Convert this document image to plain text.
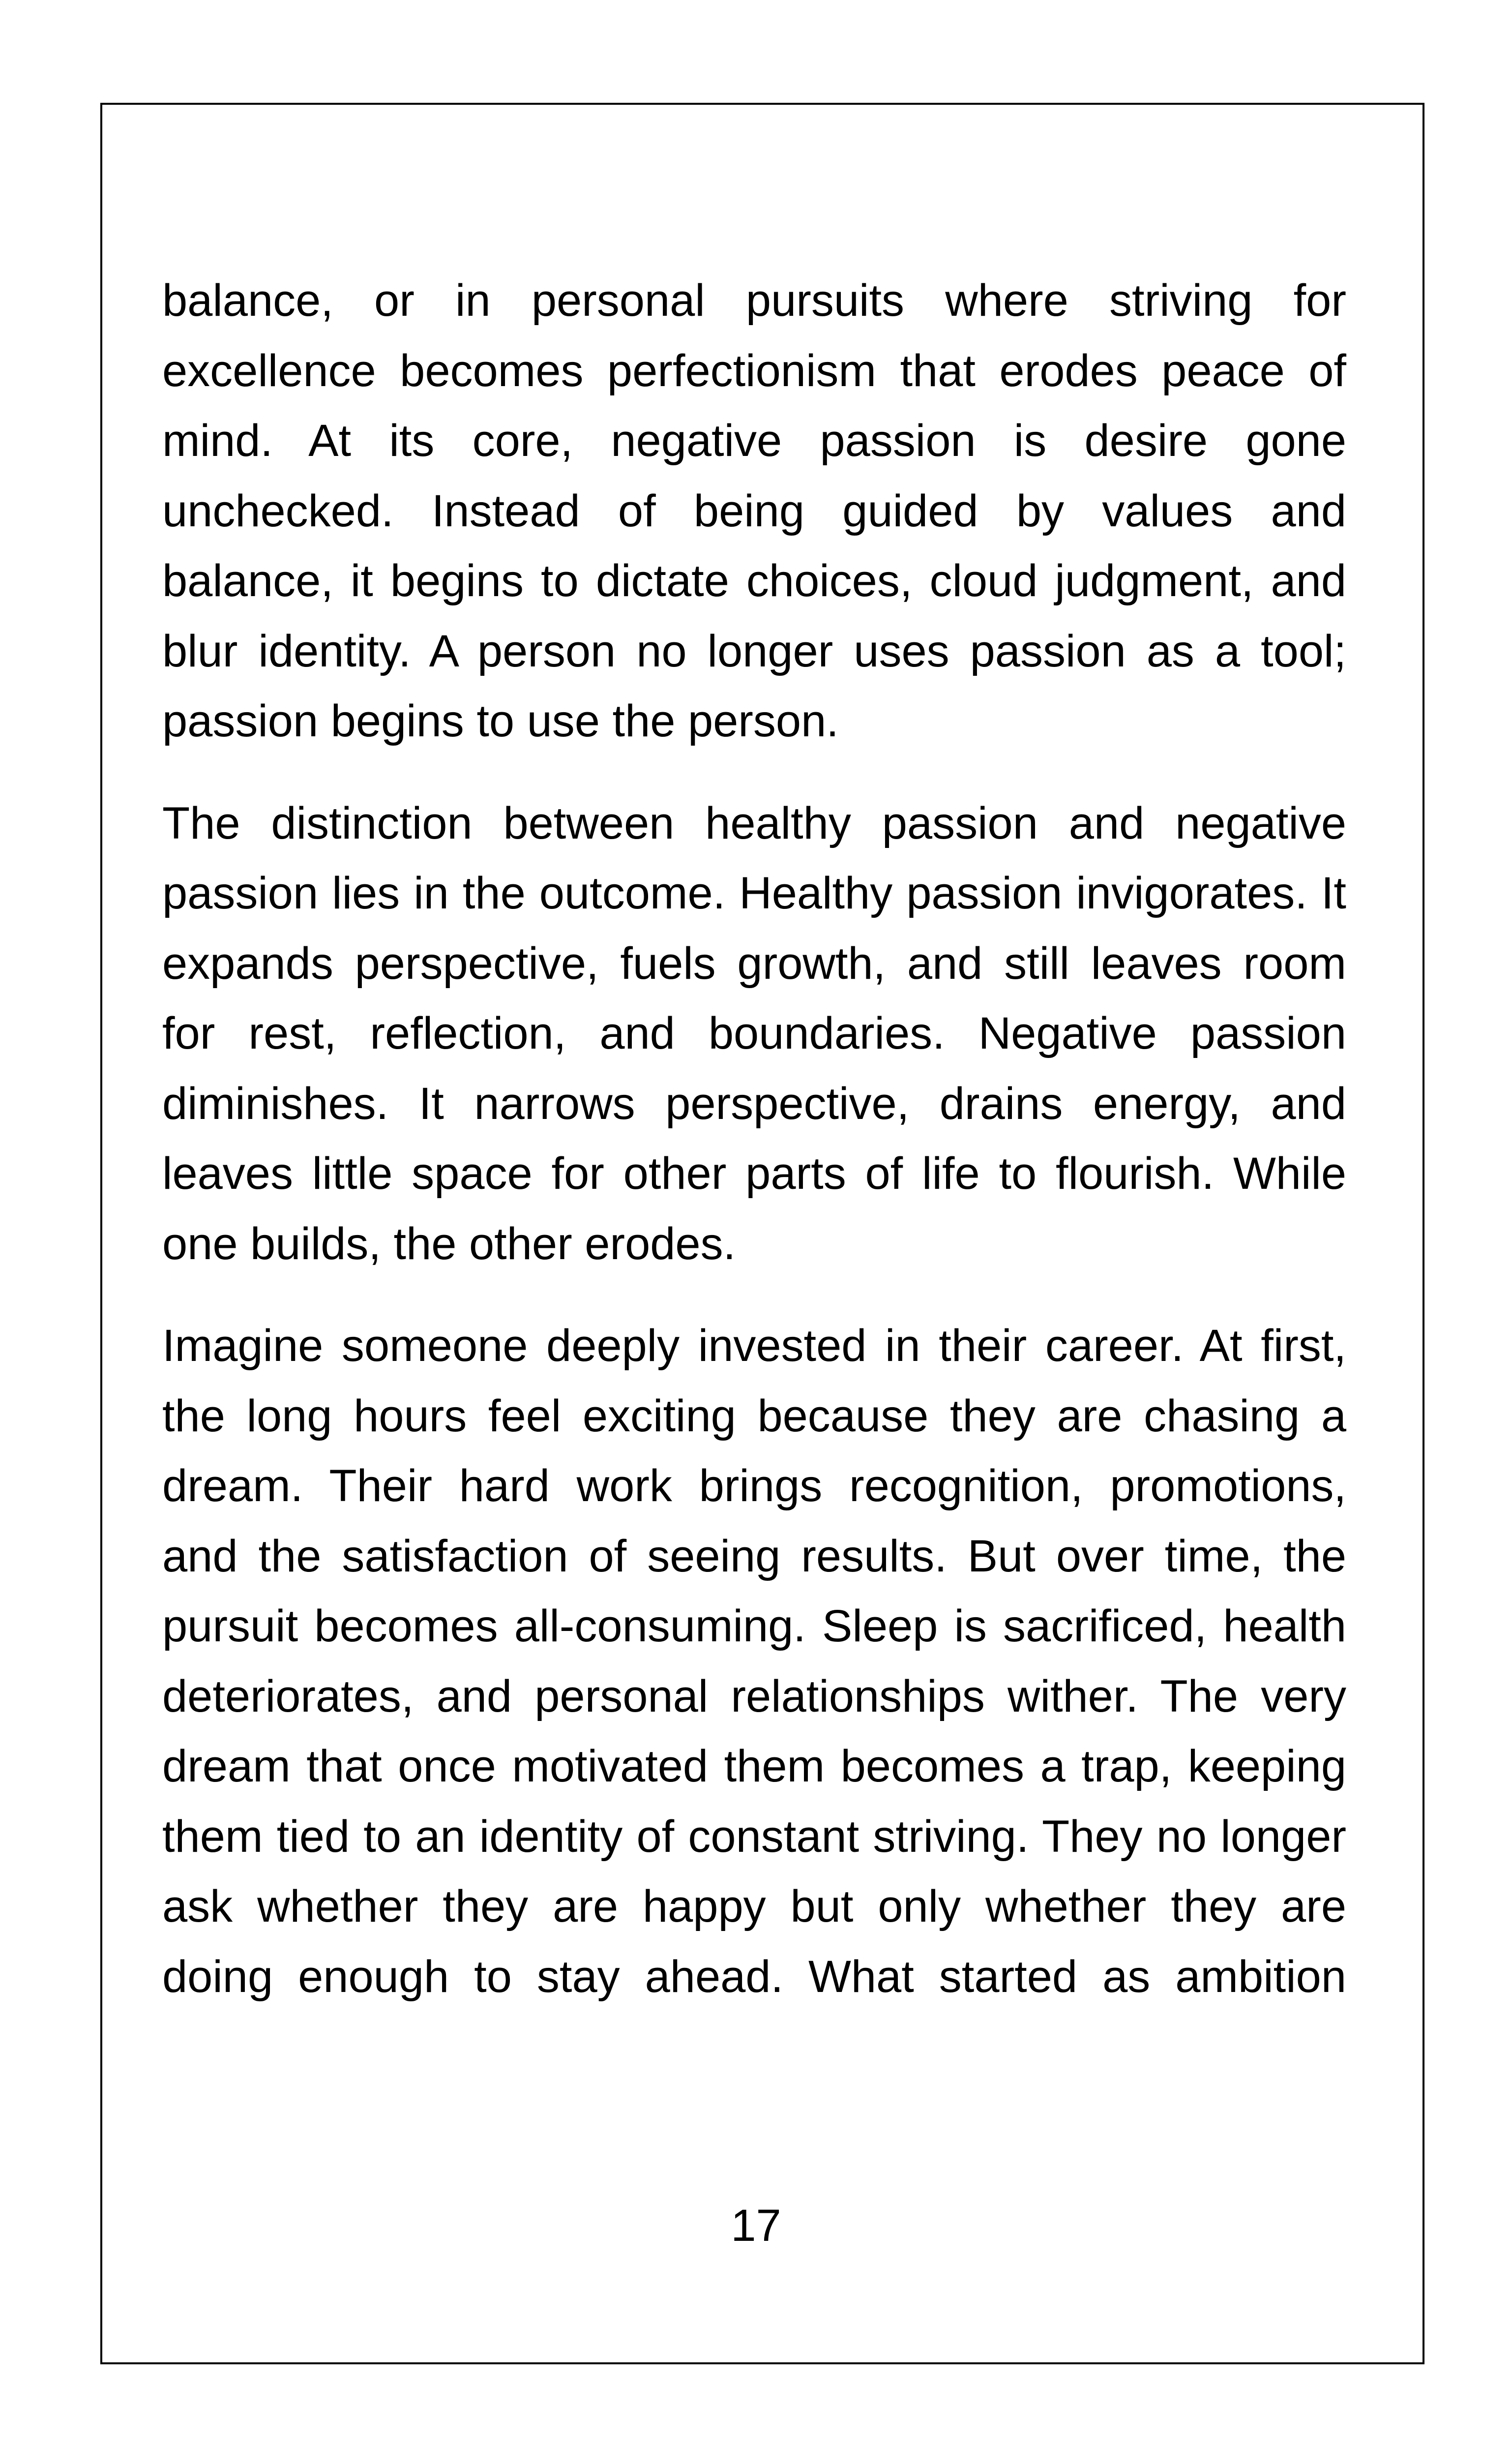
balance, or in personal pursuits where striving for excellence becomes perfectionism that erodes peace of mind. At its core, negative passion is desire gone unchecked. Instead of being guided by values and balance, it begins to dictate choices, cloud judgment, and blur identity. A person no longer uses passion as a tool; passion begins to use the person.

The distinction between healthy passion and negative passion lies in the outcome. Healthy passion invigorates. It expands perspective, fuels growth, and still leaves room for rest, reflection, and boundaries. Negative passion diminishes. It narrows perspective, drains energy, and leaves little space for other parts of life to flourish. While one builds, the other erodes.

Imagine someone deeply invested in their career. At first, the long hours feel exciting because they are chasing a dream. Their hard work brings recognition, promotions, and the satisfaction of seeing results. But over time, the pursuit becomes all-consuming. Sleep is sacrificed, health deteriorates, and personal relationships wither. The very dream that once motivated them becomes a trap, keeping them tied to an identity of constant striving. They no longer ask whether they are happy but only whether they are doing enough to stay ahead. What started as ambition

17
